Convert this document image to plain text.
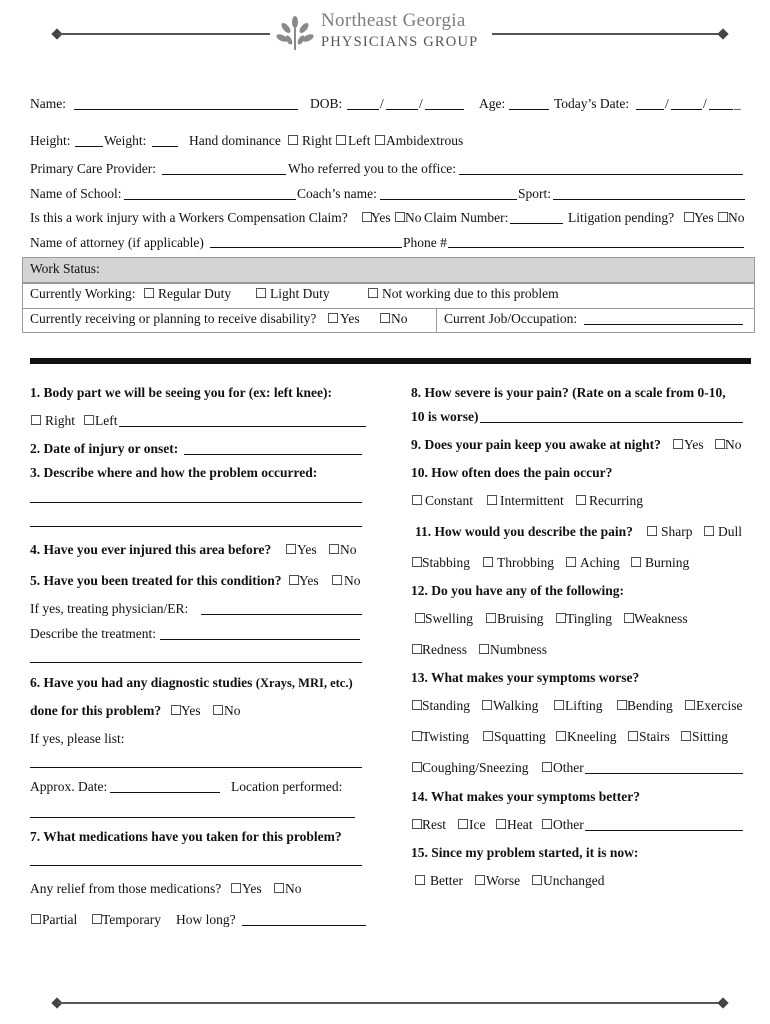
Northeast Georgia
PHYSICIANS GROUP
Name:	DOB:	/	/	Age:	Today’s Date:	/	/ _
Height: Weight:	Hand dominance ☐ Right ☐ Left ☐ Ambidextrous
Primary Care Provider:	Who referred you to the office:
Name of School:	Coach’s name:	Sport:
Is this a work injury with a Workers Compensation Claim? ☐
Yes ☐
No Claim Number:	Litigation pending? ☐
Yes ☐
No
Name of attorney (if applicable)	Phone #
Work Status:
Currently Working: ☐ Regular Duty ☐ Light Duty	☐ Not working due to this problem
Currently receiving or planning to receive disability? ☐ Yes ☐ No	Current Job/Occupation:
1. Body part we will be seeing you for (ex: left knee):
☐ Right ☐ Left
2. Date of injury or onset:
3. Describe where and how the problem occurred:
4. Have you ever injured this area before? ☐ Yes ☐ No
5. Have you been treated for this condition? ☐
Yes ☐ No
If yes, treating physician/ER:
Describe the treatment:
6. Have you had any diagnostic studies (Xrays, MRI, etc.)
done for this problem? ☐
Yes ☐ No
If yes, please list:
Approx. Date:	Location performed:
7. What medications have you taken for this problem?
Any relief from those medications? ☐ Yes ☐ No
☐ Partial ☐
Temporary How long?
8. How severe is your pain? (Rate on a scale from 0-10,
10 is worse)
9. Does your pain keep you awake at night? ☐ Yes ☐
No
10. How often does the pain occur?
☐ Constant ☐ Intermittent ☐ Recurring
11. How would you describe the pain? ☐ Sharp ☐ Dull
☐
Stabbing ☐ Throbbing ☐ Aching ☐ Burning
12. Do you have any of the following:
☐
Swelling ☐ Bruising ☐
Tingling ☐
Weakness
☐
Redness ☐ Numbness
13. What makes your symptoms worse?
☐
Standing ☐ Walking ☐ Lifting ☐
Bending ☐ Exercise
☐
Twisting ☐ Squatting ☐ Kneeling ☐ Stairs ☐ Sitting
☐
Coughing/Sneezing ☐ Other
14. What makes your symptoms better?
☐
Rest ☐ Ice ☐ Heat ☐ Other
15. Since my problem started, it is now:
☐ Better ☐ Worse ☐ Unchanged
